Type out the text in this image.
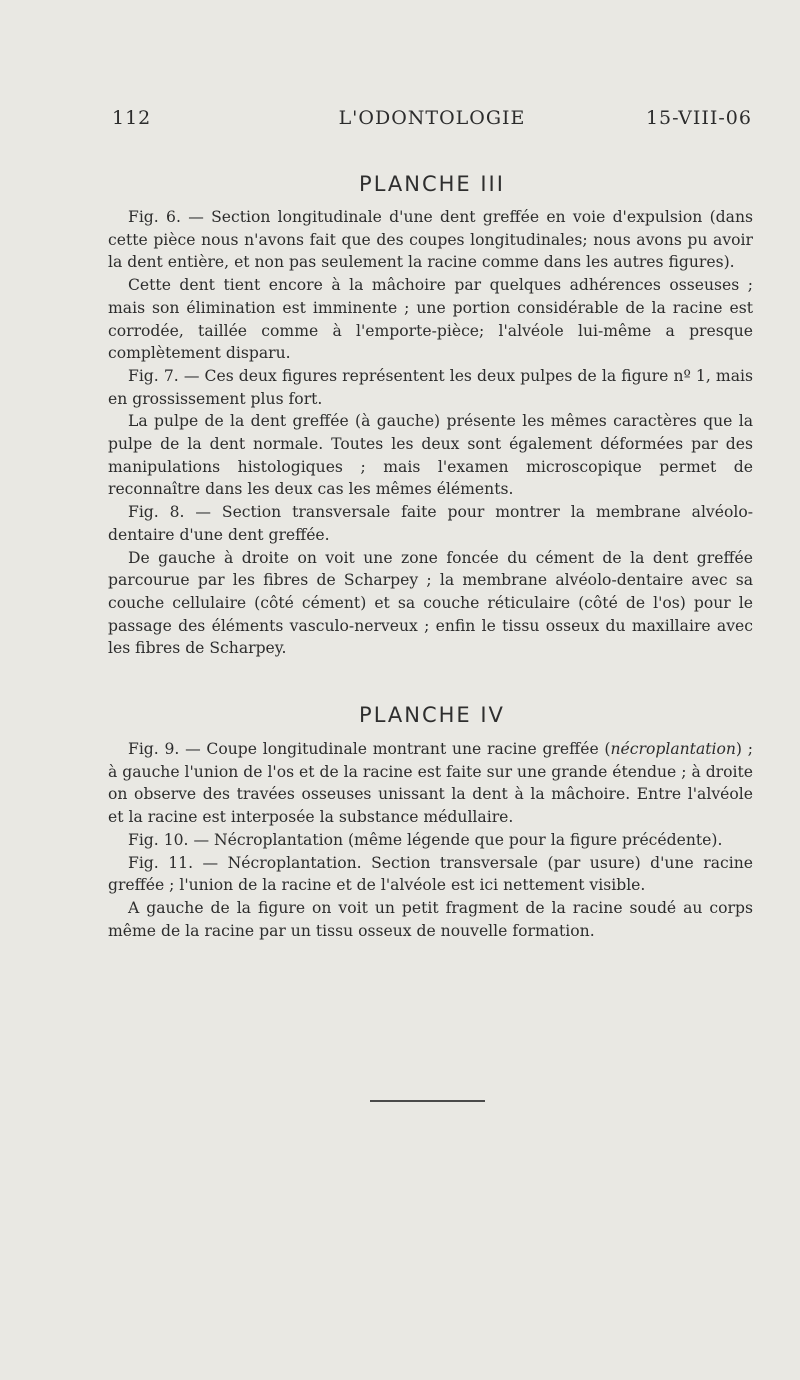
112	L'ODONTOLOGIE	15-VIII-06
PLANCHE III

Fig. 6. — Section longitudinale d'une dent greffée en voie d'expulsion (dans cette pièce nous n'avons fait que des coupes longitudinales; nous avons pu avoir la dent entière, et non pas seulement la racine comme dans les autres figures).

Cette dent tient encore à la mâchoire par quelques adhérences osseuses ; mais son élimination est imminente ; une portion considérable de la racine est corrodée, taillée comme à l'emporte-pièce; l'alvéole lui-même a presque complètement disparu.

Fig. 7. — Ces deux figures représentent les deux pulpes de la figure nº 1, mais en grossissement plus fort.

La pulpe de la dent greffée (à gauche) présente les mêmes caractères que la pulpe de la dent normale. Toutes les deux sont également déformées par des manipulations histologiques ; mais l'examen microscopique permet de reconnaître dans les deux cas les mêmes éléments.

Fig. 8. — Section transversale faite pour montrer la membrane alvéolo-dentaire d'une dent greffée.

De gauche à droite on voit une zone foncée du cément de la dent greffée parcourue par les fibres de Scharpey ; la membrane alvéolo-dentaire avec sa couche cellulaire (côté cément) et sa couche réticulaire (côté de l'os) pour le passage des éléments vasculo-nerveux ; enfin le tissu osseux du maxillaire avec les fibres de Scharpey.

PLANCHE IV

Fig. 9. — Coupe longitudinale montrant une racine greffée (nécroplantation) ; à gauche l'union de l'os et de la racine est faite sur une grande étendue ; à droite on observe des travées osseuses unissant la dent à la mâchoire. Entre l'alvéole et la racine est interposée la substance médullaire.

Fig. 10. — Nécroplantation (même légende que pour la figure précédente).

Fig. 11. — Nécroplantation. Section transversale (par usure) d'une racine greffée ; l'union de la racine et de l'alvéole est ici nettement visible.

A gauche de la figure on voit un petit fragment de la racine soudé au corps même de la racine par un tissu osseux de nouvelle formation.
